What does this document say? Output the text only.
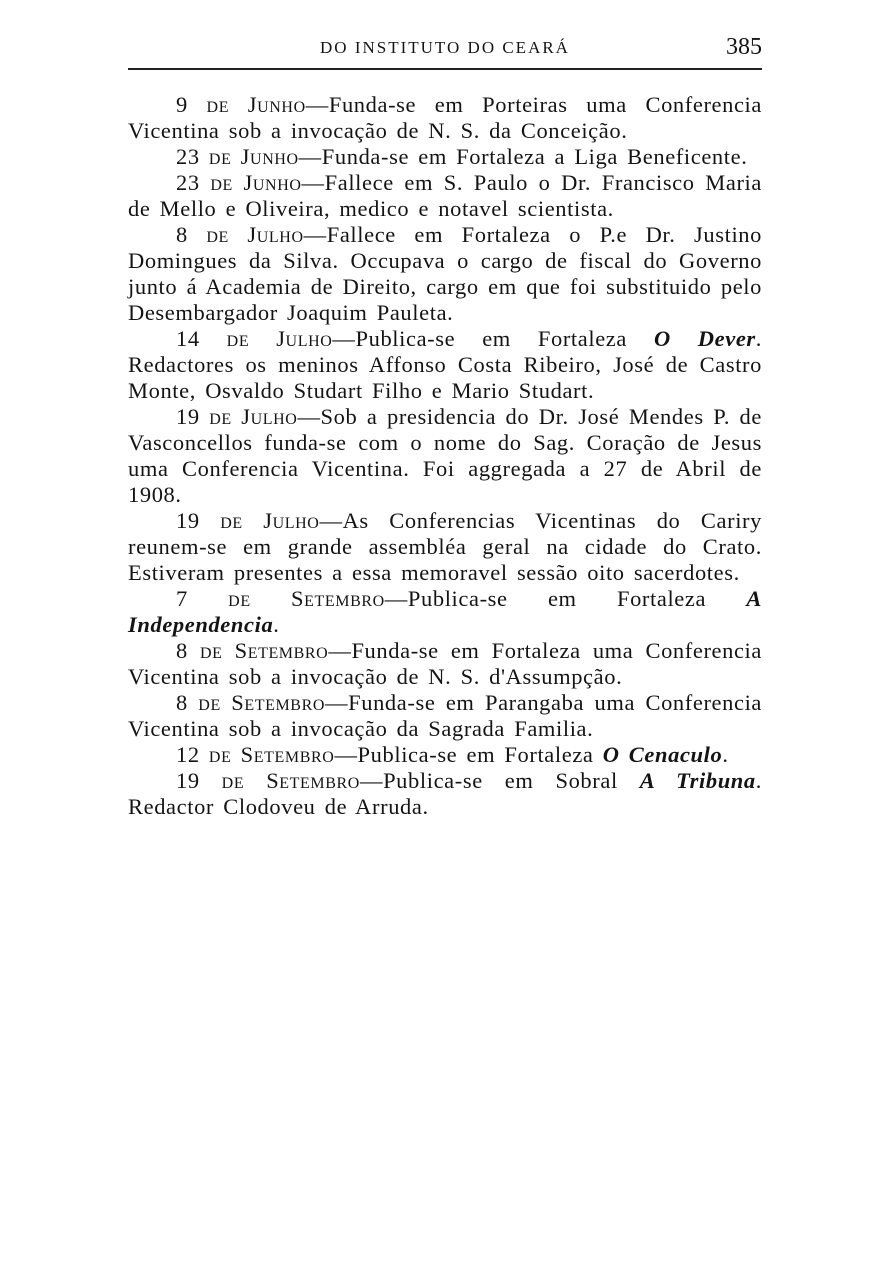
DO INSTITUTO DO CEARÁ	385

9 de Junho—Funda-se em Porteiras uma Conferencia Vicentina sob a invocação de N. S. da Conceição.

23 de Junho—Funda-se em Fortaleza a Liga Beneficente.

23 de Junho—Fallece em S. Paulo o Dr. Francisco Maria de Mello e Oliveira, medico e notavel scientista.

8 de Julho—Fallece em Fortaleza o P.e Dr. Justino Domingues da Silva. Occupava o cargo de fiscal do Governo junto á Academia de Direito, cargo em que foi substituido pelo Desembargador Joaquim Pauleta.

14 de Julho—Publica-se em Fortaleza O Dever. Redactores os meninos Affonso Costa Ribeiro, José de Castro Monte, Osvaldo Studart Filho e Mario Studart.

19 de Julho—Sob a presidencia do Dr. José Mendes P. de Vasconcellos funda-se com o nome do Sag. Coração de Jesus uma Conferencia Vicentina. Foi aggregada a 27 de Abril de 1908.

19 de Julho—As Conferencias Vicentinas do Cariry reunem-se em grande assembléa geral na cidade do Crato. Estiveram presentes a essa memoravel sessão oito sacerdotes.

7 de Setembro—Publica-se em Fortaleza A Independencia.

8 de Setembro—Funda-se em Fortaleza uma Conferencia Vicentina sob a invocação de N. S. d'Assumpção.

8 de Setembro—Funda-se em Parangaba uma Conferencia Vicentina sob a invocação da Sagrada Familia.

12 de Setembro—Publica-se em Fortaleza O Cenaculo.

19 de Setembro—Publica-se em Sobral A Tribuna. Redactor Clodoveu de Arruda.
